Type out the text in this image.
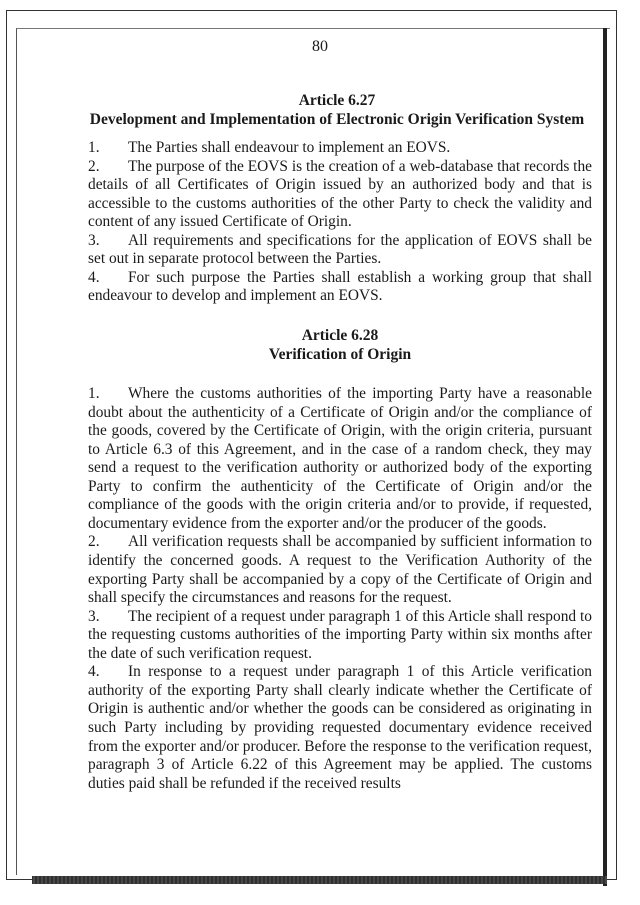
80
Article 6.27
Development and Implementation of Electronic Origin Verification System

1. The Parties shall endeavour to implement an EOVS.

2. The purpose of the EOVS is the creation of a web-database that records the details of all Certificates of Origin issued by an authorized body and that is accessible to the customs authorities of the other Party to check the validity and content of any issued Certificate of Origin.

3. All requirements and specifications for the application of EOVS shall be set out in separate protocol between the Parties.

4. For such purpose the Parties shall establish a working group that shall endeavour to develop and implement an EOVS.

Article 6.28
Verification of Origin

1. Where the customs authorities of the importing Party have a reasonable doubt about the authenticity of a Certificate of Origin and/or the compliance of the goods, covered by the Certificate of Origin, with the origin criteria, pursuant to Article 6.3 of this Agreement, and in the case of a random check, they may send a request to the verification authority or authorized body of the exporting Party to confirm the authenticity of the Certificate of Origin and/or the compliance of the goods with the origin criteria and/or to provide, if requested, documentary evidence from the exporter and/or the producer of the goods.

2. All verification requests shall be accompanied by sufficient information to identify the concerned goods. A request to the Verification Authority of the exporting Party shall be accompanied by a copy of the Certificate of Origin and shall specify the circumstances and reasons for the request.

3. The recipient of a request under paragraph 1 of this Article shall respond to the requesting customs authorities of the importing Party within six months after the date of such verification request.

4. In response to a request under paragraph 1 of this Article verification authority of the exporting Party shall clearly indicate whether the Certificate of Origin is authentic and/or whether the goods can be considered as originating in such Party including by providing requested documentary evidence received from the exporter and/or producer. Before the response to the verification request, paragraph 3 of Article 6.22 of this Agreement may be applied. The customs duties paid shall be refunded if the received results
